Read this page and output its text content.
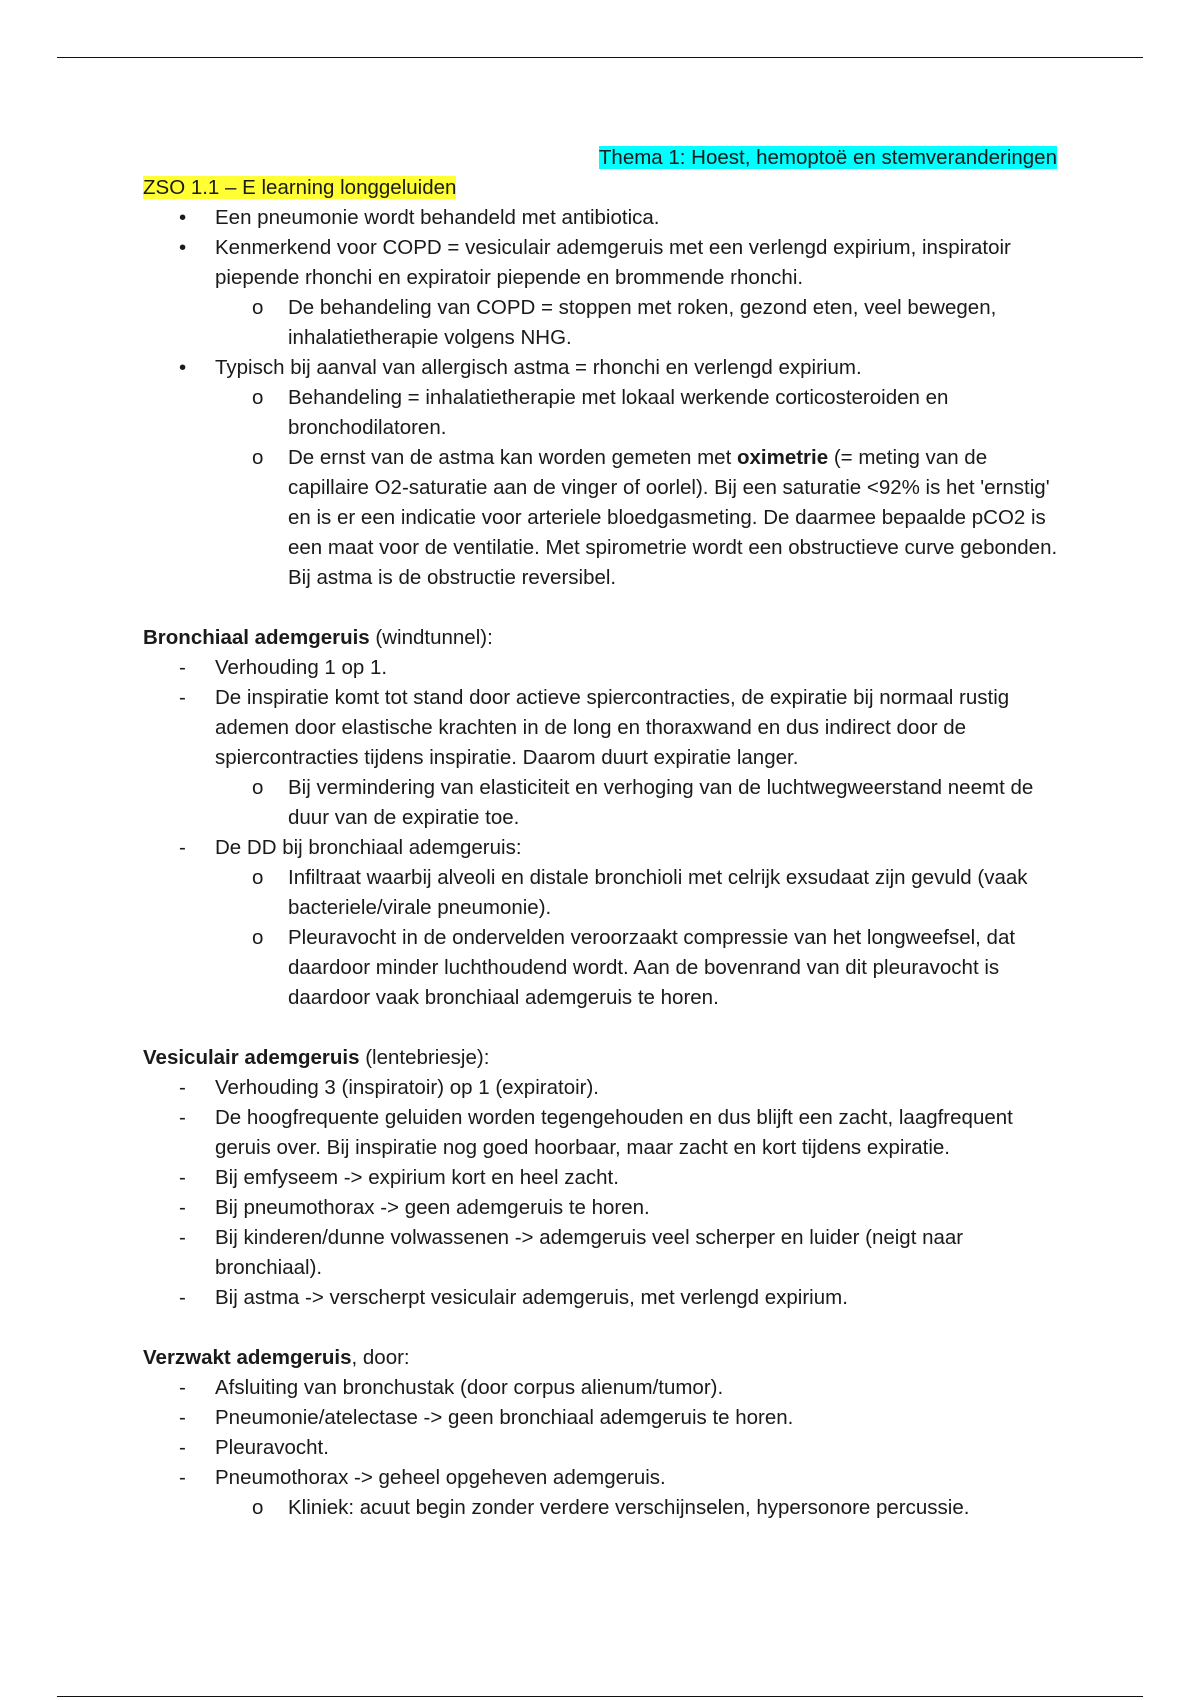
Thema 1: Hoest, hemoptoë en stemveranderingen

ZSO 1.1 – E learning longgeluiden

• Een pneumonie wordt behandeld met antibiotica.
• Kenmerkend voor COPD = vesiculair ademgeruis met een verlengd expirium, inspiratoir piepende rhonchi en expiratoir piepende en brommende rhonchi.
o De behandeling van COPD = stoppen met roken, gezond eten, veel bewegen, inhalatietherapie volgens NHG.
• Typisch bij aanval van allergisch astma = rhonchi en verlengd expirium.
o Behandeling = inhalatietherapie met lokaal werkende corticosteroiden en bronchodilatoren.
o De ernst van de astma kan worden gemeten met oximetrie (= meting van de capillaire O2-saturatie aan de vinger of oorlel). Bij een saturatie <92% is het 'ernstig' en is er een indicatie voor arteriele bloedgasmeting. De daarmee bepaalde pCO2 is een maat voor de ventilatie. Met spirometrie wordt een obstructieve curve gebonden. Bij astma is de obstructie reversibel.

Bronchiaal ademgeruis (windtunnel):

- Verhouding 1 op 1.
- De inspiratie komt tot stand door actieve spiercontracties, de expiratie bij normaal rustig ademen door elastische krachten in de long en thoraxwand en dus indirect door de spiercontracties tijdens inspiratie. Daarom duurt expiratie langer.
o Bij vermindering van elasticiteit en verhoging van de luchtwegweerstand neemt de duur van de expiratie toe.
- De DD bij bronchiaal ademgeruis:
o Infiltraat waarbij alveoli en distale bronchioli met celrijk exsudaat zijn gevuld (vaak bacteriele/virale pneumonie).
o Pleuravocht in de ondervelden veroorzaakt compressie van het longweefsel, dat daardoor minder luchthoudend wordt. Aan de bovenrand van dit pleuravocht is daardoor vaak bronchiaal ademgeruis te horen.

Vesiculair ademgeruis (lentebriesje):

- Verhouding 3 (inspiratoir) op 1 (expiratoir).
- De hoogfrequente geluiden worden tegengehouden en dus blijft een zacht, laagfrequent geruis over. Bij inspiratie nog goed hoorbaar, maar zacht en kort tijdens expiratie.
- Bij emfyseem -> expirium kort en heel zacht.
- Bij pneumothorax -> geen ademgeruis te horen.
- Bij kinderen/dunne volwassenen -> ademgeruis veel scherper en luider (neigt naar bronchiaal).
- Bij astma -> verscherpt vesiculair ademgeruis, met verlengd expirium.

Verzwakt ademgeruis, door:

- Afsluiting van bronchustak (door corpus alienum/tumor).
- Pneumonie/atelectase -> geen bronchiaal ademgeruis te horen.
- Pleuravocht.
- Pneumothorax -> geheel opgeheven ademgeruis.
o Kliniek: acuut begin zonder verdere verschijnselen, hypersonore percussie.
